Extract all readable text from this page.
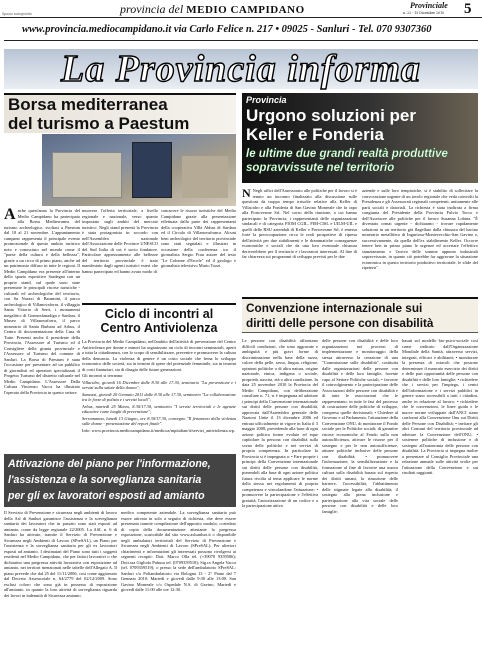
Spazio autogestito	provincia del MEDIO CAMPIDANO	Provinciale
n. 22 - 15 Dicembre 2010 5
www.provincia.mediocampidano.it via Carlo Felice n. 217 • 09025 - Sanluri - Tel. 070 9307360
La Provincia informa
Borsa mediterranea
del turismo a Paestum
A nche quest'anno la Provincia del Medio Campidano ha partecipato alla Borsa Mediterranea del turismo archeologico, svoltasi a Paestum dal 18 al 21 novembre. L'appuntamento campano rappresenta il principale evento promozionale di questo ambito turistico noto e conosciuto nel mondo come il "paese della cultura e della bellezza", grazie a un ricco di primo piano, anche ad un patrimonio diffuso in tutte le regioni. Il Medio Campidano era presente all'interno dello spazio espositivo Sardegna con un proprio stand, sul quale sono state presentate le principali risorse turistiche - culturali ed archeologiche del territorio, con Su Nuraxi di Barumini, il parco archeologico di Villanovaforru, il villaggio Santa Vittoria di Serri, i monumenti megalitici di Gonnosfanadiga e Sardara, il Museo di Villanovaforru, il parco minerario di Santa Barbara ad Arbus, il Centro di documentazione della Casa di Tutte. Presenti anche il presidente della Provincia, l'Assessore al Turismo ed il Consigliere della giunta provinciale e l'Assessore al Turismo del comune di Sanluri. La Borsa di Paestum è stata l'occasione per presentare ad un pubblico di giornalisti ed operatori specializzati il Progetto Turismo del distretto culturale nel Medio Campidano. L'Assessore Dalla Cultura Vincenzo Vacca ha illustrato l'operato della Provincia in questo settore.
muovere l'offerta territoriale, a livello regionale e nazionale, verso quanto impostato sugli ambiti del mercato turistico. Negli stand presenti la Provincia è stata protagonista in accordo con nell'Assemblea nazionale dell'Associazione delle Province UNESCO del Sud Italia di cui è socio fondatore. Particolare apprezzamento alle bellezze del territorio provinciale è stato manifestato dagli agenti turistici esteri che hanno partecipato ed hanno avuto modo di
conoscere le risorse turistiche del Medio Campidano grazie alla presentazione effettuata dalla parte dei rappresentanti della cooperativa Villa Abbas di Sardara ed il Circolo di Villanovafranca. Alcuni beni archeologici del territorio provinciale sono stati segnalati e illustrati in occasione della conferenza tra il giornalista Sergio Frau autore del testo "Le Colonne d'Ercole" ed il geologo e giornalista televisivo Mario Tozzi.
Ciclo di incontri al
Centro Antiviolenza

La Provincia del Medio Campidano, nell'ambito dell'attività di prevenzione del Centro Antiviolenza per donne e minori ha organizzato un ciclo di incontri seminariali, aperti a tutta la cittadinanza, con lo scopo di sensibilizzare, prevenire e promuovere la cultura della denuncia. La violenza di genere è un costo sociale che frena lo sviluppo economico delle società, sia in termini di spese del potenziale femminile, sia in termini di costi finanziari, sia di disagio delle future generazioni.

Gli incontri si terranno:

Villacidro, giovedì 16 Dicembre dalle 8.30 alle 17.30, seminario "La prevenzione e i servizi sulla salute della donna";

Samassi, giovedì 20 Gennaio 2011 dalle 8.30 alle 17.30, seminario "La collaborazione tra le forze di polizia e i servizi locali";

Arbus, martedì 25 Marzo, 8.30/17.30, seminario "I servizi territoriali e le agenzie educative come luoghi di prevenzione";

Serramanna, lunedì 13 Giugno, ore 8.30/17.30, convegno "Il fenomeno della violenza sulle donne - presentazione del report finale".

Info: www.provincia.mediocampidano.it/medioca/mpitalian/it/servizi_antiviolenza.wp.

Attivazione del piano per l'informazione,
l'assistenza e la sorveglianza sanitaria
per gli ex lavoratori esposti ad amianto
Il Servizio di Prevenzione e sicurezza negli ambienti di lavoro della Asl di Sanluri garantisce l'assistenza e la sorveglianza sanitaria dei lavoratori che in passato sono stati esposti ad amianto, come da legge regionale 22/2005. La ASL n. 6 di Sanluri ha attivato, tramite il Servizio di Prevenzione e Sicurezza negli Ambienti di Lavoro (SPreSAL), un Piano per l'assistenza e la sorveglianza sanitaria per gli ex lavoratori esposti ad amianto. I destinatari del Piano sono tutti i soggetti residenti nel Medio Campidano, che per fattori lavorativi o che dichiarino una pregressa attività lavorativa con esposizione ad amianto, nei territori menzionati nelle tabelle dell'Allegato A. Il piano prevede che dal 25 del 11/11/2006, così come aggiornato dal Decreto Assessoriale n. 64/2779 del 02/12/2009. Sono esclusi coloro che sono già in possesso di esposizione all'amianto, in quanto la loro attività di sorveglianza riguarda dei lavori in indennità di Sicurezza amianto.
medico competente aziendale. La sorveglianza sanitaria può essere attivata in solo a seguito di richiesta, che deve essere presentata tramite compilazione dell'apposito modulo, corredato di copia della documentazione attestante la pregressa esposizione, scaricabile dal sito www.aslsanluri.it o disponibile negli ambulatori territoriali del Servizio di Prevenzione e Sicurezza negli Ambienti di Lavoro (SPreSAL). Per ulteriori chiarimenti e informazioni gli interessati possono rivolgersi ai seguenti recapiti: Dott. Marco Olla tel. (+39070 9359586); Dott.ssa Gigliola Pubusa tel. (0709359518); Sig.ra Angela Vacca (tel. 0709359519); o presso la sede dell'ambulatorio SPreSAL: Sanluri c/o Poliambulatorio via Bologna 13 - 2° Piano dal 7 Gennaio 2010: Martedì e giovedì dalle 9:30 alle 13:00. San Gavino Monreale c/o Ospedale N.S. di Gavino, Martedì e giovedì dalle 11:00 alle ore 12:30.
Provincia
Urgono soluzioni per
Keller e Fonderia
le ultime due grandi realtà produttive
sopravvissute nel territorio
N Negli uffici dell'Assessorato alle politiche per il lavoro si è tenuto un incontro finalizzato alla discussione sulle questioni da troppo tempo irrisolte relative alla Keller di Villacidro e alla Fonderia di San Gavino Monreale che fa capo alla Portovesme Srl. Nel corso della riunione, a cui hanno partecipato la Provincia, i rappresentanti delle organizzazioni sindacali e di categoria FIOM CGIL, FIM-CISL e UILM-UIL e quelli delle RSU aziendali di Keller e Portovesme Srl, è emersa forte la preoccupazione circa le reali prospettive di ripresa dell'attività per due stabilimenti e le drammatiche conseguenze economiche e sociali che da una loro eventuale chiusura deriverebbero per il territorio e i lavoratori interessati. Al fine di far chiarezza sui programmi di sviluppo previsti per le due
aziende e sulle loro tempistiche, si è stabilito di sollecitare la convocazione urgente di un tavolo regionale che veda coinvolti la Presidenza e gli Assessorati regionali competenti, unitamente alle parti sociali e datoriali. La richiesta è stata inoltrata a firma congiunta del Presidente della Provincia Fulvio Tocco e dell'Assessore alle politiche per il lavoro Susanna Lobina. "È diventato ormai urgente - dichiarano - trovare rapidamente soluzioni in un territorio già flagellato dalla chiusura del bacino minerario metallifero di Ingurtosu-Montevecchio-San Gavino e, successivamente, da quella dell'ex stabilimento Keller. Occorre tenere ben in primo piano le urgenze ed accertare l'effettivo stanziamento e l'arrivo delle somme appunto industriali sopravvissute, in quanto ciò potrebbe far aggravare la situazione economica in questo territorio produttivo territoriale, le sfide del ripetersi".
Convenzione internazionale sui
diritti delle persone con disabilità
Le persone con disabilità affrontano difficili condizioni, che sono aggravate e ambiguità e più gravi forme di discriminazione nella base della razza, colore della pelle, sesso, lingua, religione, opinioni politiche o di altra natura, origine nazionale, etnica, indigena o sociale, proprietà, nascita, età o altra condizione. In data 25 novembre 2010 la Provincia del Medio Campidano, con deliberazione consiliare n. 71, si è impegnata ad adottare i principi della Convenzione internazionale sui diritti delle persone con disabilità, approvata dall'Assemblea generale delle Nazioni Unite il 13 dicembre 2006 ed entrata ufficialmente in vigore in Italia il 3 maggio 2008, prevedendo alla base di ogni azione politica forme evolute ed eque capitolare la persona con disabilità sulla scena delle politiche e nei servizi di propria competenza. In particolare la Provincia si è impegnata a: • Fare proprie i principi della Convenzione internazionale sui diritti delle persone con disabilità, ponendoli alla base di ogni azione politica futura rivolta al tema applicare le norme della stessa nei regolamenti di propria competenza e vincolandone l'attuazione; • promuovere la partecipazione e l'effettiva gratuità, l'autorizzazione di un codice e a la partecipazione attiva
delle persone con disabilità e delle loro organizzazioni nei processi di implementazione e monitoraggio della stessa attraverso la creazione di una "Commissione sulle disabilità", costituita dalle organizzazioni delle persone con disabilità e delle loro famiglie, facente capo al Settore Politiche sociali; • favorire il coinvolgimento e la partecipazione delle Associazioni delle persone con disabilità e di tutte le associazioni che le rappresentano, in tutte le fasi del processo di costruzione delle politiche di sviluppo, compreso quelle decisionali; • Chiedere al Governo e al Parlamento, l'attuazione della Convenzione ONU, di monitorare il Fondo sociale per le Politiche sociali; di garantire risorse economiche al Fondo sulla non autosufficienza, attivare le risorse per il sostegno e per le non autosufficienze, attuare politiche inclusive delle persone con disabilità; • promuovere l'informazione, la sensibilizzazione e la formazione al fine di favorire una nuova cultura sulla disabilità basata sul rispetto dei diritti umani, la rimozione delle barriere, l'accessibilità, l'abbattimento delle stigmate legate alla disabilità; il sostegno alla piena inclusione e partecipazione alla vita sociale delle persone con disabilità e delle loro famiglie;
basati sul modello bio-psico-sociale così come indicato dall'Organizzazione Mondiale della Sanità, attraverso servizi, integrati, efficaci e abilitanti; • monitorare la presenza di ostacoli che possono determinare il mancato esercizio dei diritti e delle pari opportunità delle persone con disabilità e delle loro famiglie; • richiedere che i servizi per l'impiego, i centri dell'informazione e i servizi pubblici in genere siano accessibili a tutti i cittadini, anche in relazione al lavoro; • richiedere che le convenzioni, le linee guida e le nuove norme sviluppate dall'ANCI siano conformi alla Convenzione Onu sui Diritti delle Persone con Disabilità; • invitare gli altri Comuni del territorio provinciale ad adottare la Convenzione dell'ONU; • sostenere politiche di inclusione e di sostegno all'autonomia delle persone con disabilità. La Provincia si impegna inoltre a presentare al Consiglio Provinciale una relazione annuale sulle attività svolte per l'attuazione della Convenzione e sui risultati raggiunti.
